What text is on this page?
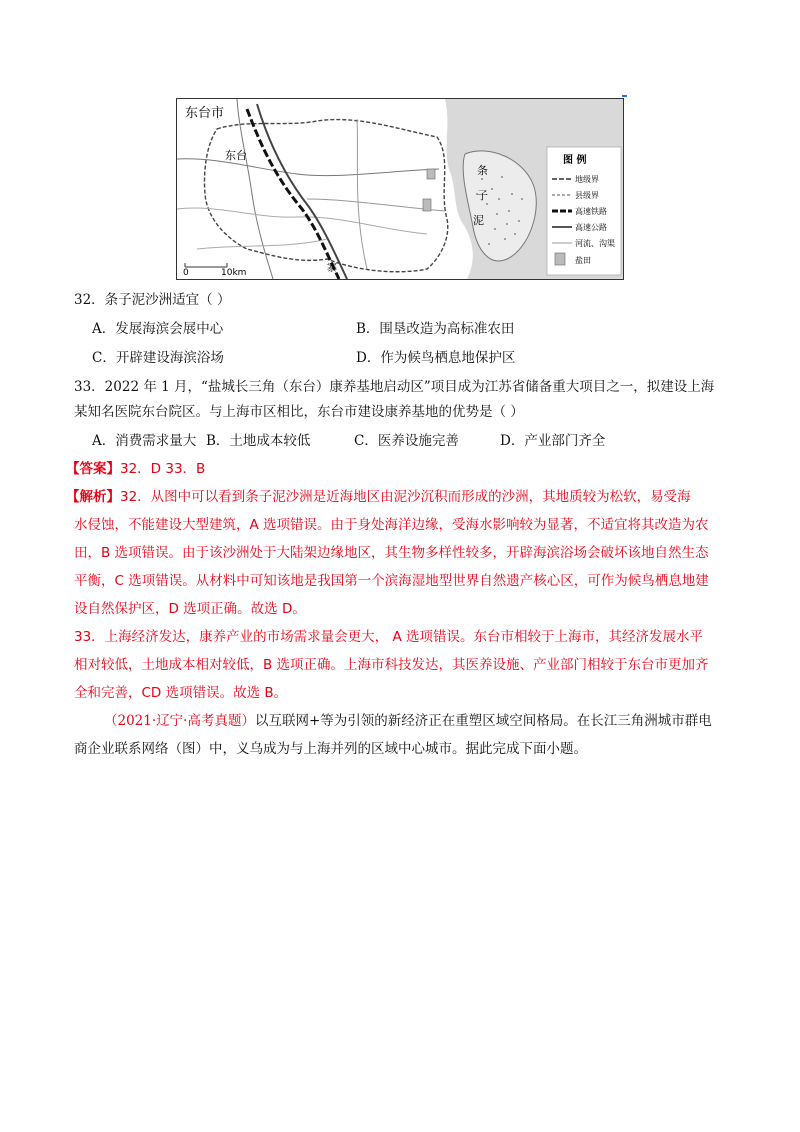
东台市
东台
条
子
泥
寨
0	10km
图 例
地级界
县级界
高速铁路
高速公路
河流、沟渠
盐田
32．条子泥沙洲适宜（ ）
A．发展海滨会展中心	B．围垦改造为高标准农田
C．开辟建设海滨浴场	D．作为候鸟栖息地保护区
33．2022 年 1 月，“盐城长三角（东台）康养基地启动区”项目成为江苏省储备重大项目之一，拟建设上海
某知名医院东台院区。与上海市区相比，东台市建设康养基地的优势是（ ）
A．消费需求量大 B．土地成本较低	C．医养设施完善	D．产业部门齐全
【答案】32．D 33．B
【解析】32．从图中可以看到条子泥沙洲是近海地区由泥沙沉积而形成的沙洲，其地质较为松软，易受海
水侵蚀，不能建设大型建筑，A 选项错误。由于身处海洋边缘，受海水影响较为显著，不适宜将其改造为农
田，B 选项错误。由于该沙洲处于大陆架边缘地区，其生物多样性较多，开辟海滨浴场会破坏该地自然生态
平衡，C 选项错误。从材料中可知该地是我国第一个滨海湿地型世界自然遗产核心区，可作为候鸟栖息地建
设自然保护区，D 选项正确。故选 D。
33．上海经济发达，康养产业的市场需求量会更大， A 选项错误。东台市相较于上海市，其经济发展水平
相对较低，土地成本相对较低，B 选项正确。上海市科技发达，其医养设施、产业部门相较于东台市更加齐
全和完善，CD 选项错误。故选 B。
（2021·辽宁·高考真题）以互联网+等为引领的新经济正在重塑区域空间格局。在长江三角洲城市群电
商企业联系网络（图）中，义乌成为与上海并列的区域中心城市。据此完成下面小题。
